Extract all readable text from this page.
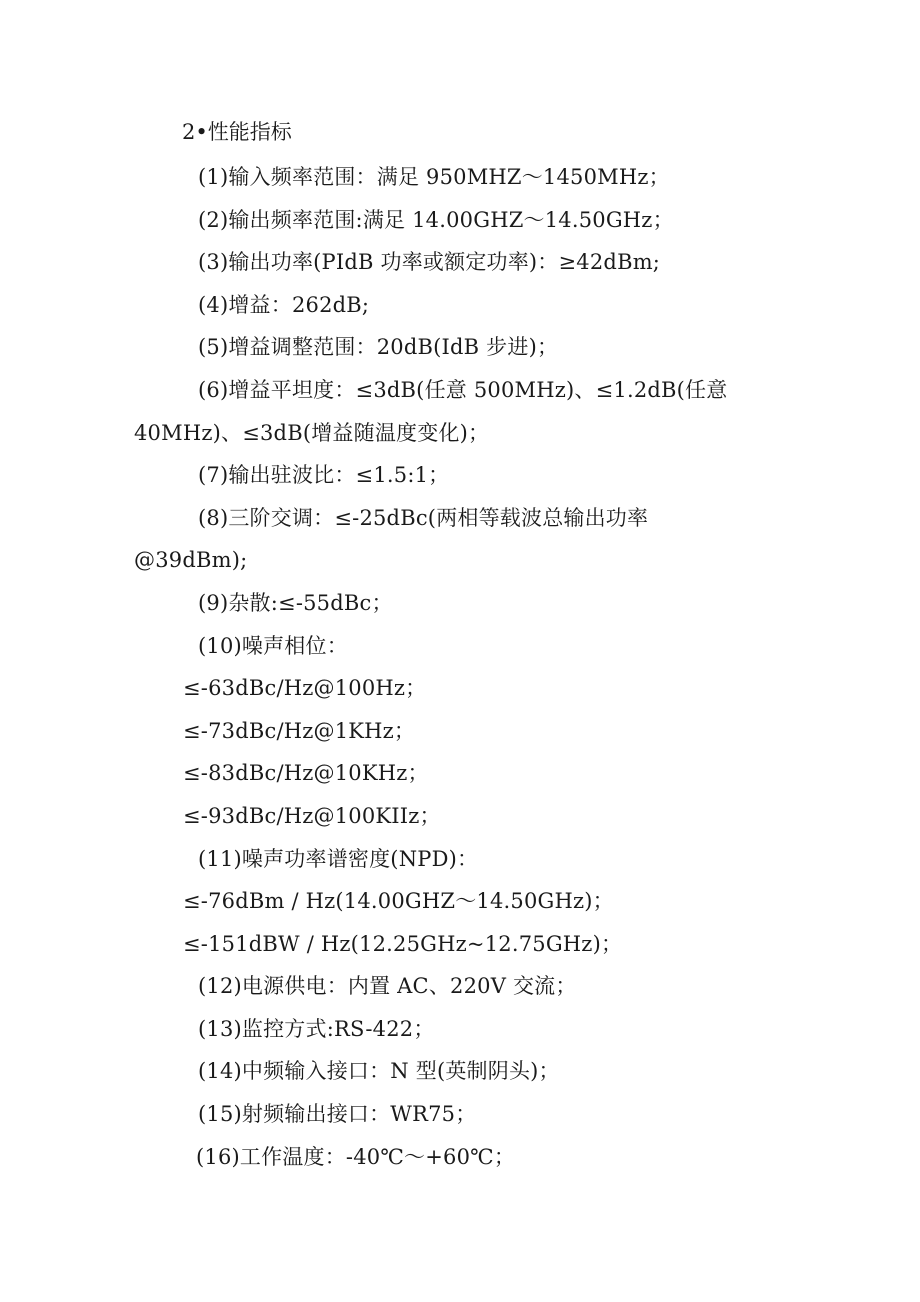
2•性能指标
(1)输入频率范围：满足 950MHZ～1450MHz；
(2)输出频率范围:满足 14.00GHZ～14.50GHz；
(3)输出功率(PIdB 功率或额定功率)：≥42dBm;
(4)增益：262dB;
(5)增益调整范围：20dB(IdB 步进)；
(6)增益平坦度：≤3dB(任意 500MHz)、≤1.2dB(任意
40MHz)、≤3dB(增益随温度变化)；
(7)输出驻波比：≤1.5:1；
(8)三阶交调：≤-25dBc(两相等载波总输出功率
@39dBm);
(9)杂散:≤-55dBc；
(10)噪声相位：
≤-63dBc/Hz@100Hz；
≤-73dBc/Hz@1KHz；
≤-83dBc/Hz@10KHz；
≤-93dBc/Hz@100KIIz；
(11)噪声功率谱密度(NPD)：
≤-76dBm / Hz(14.00GHZ～14.50GHz)；
≤-151dBW / Hz(12.25GHz~12.75GHz)；
(12)电源供电：内置 AC、220V 交流；
(13)监控方式:RS-422；
(14)中频输入接口：N 型(英制阴头)；
(15)射频输出接口：WR75；
(16)工作温度：-40℃～+60℃；
